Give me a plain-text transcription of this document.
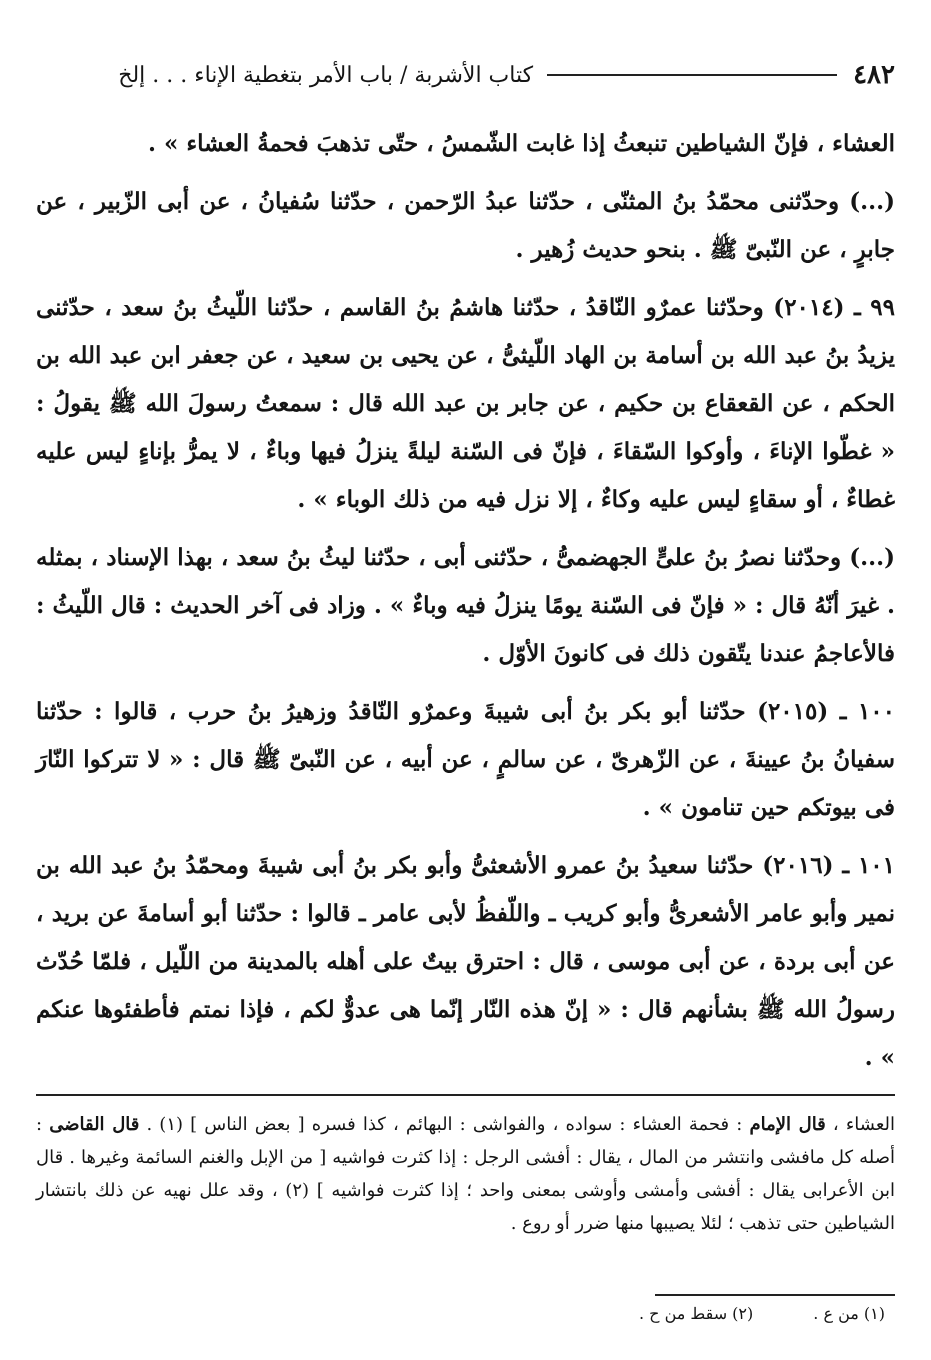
٤٨٢
كتاب الأشربة / باب الأمر بتغطية الإناء . . . إلخ

العشاء ، فإنّ الشياطين تنبعثُ إذا غابت الشّمسُ ، حتّى تذهبَ فحمةُ العشاء » .

(...) وحدّثنى محمّدُ بنُ المثنّى ، حدّثنا عبدُ الرّحمن ، حدّثنا سُفيانُ ، عن أبى الزّبير ، عن جابرٍ ، عن النّبىّ ﷺ . بنحو حديث زُهير .

٩٩ ـ (٢٠١٤) وحدّثنا عمرٌو النّاقدُ ، حدّثنا هاشمُ بنُ القاسم ، حدّثنا اللّيثُ بنُ سعد ، حدّثنى يزيدُ بنُ عبد الله بن أسامة بن الهاد اللّيثىُّ ، عن يحيى بن سعيد ، عن جعفر ابن عبد الله بن الحكم ، عن القعقاع بن حكيم ، عن جابر بن عبد الله قال : سمعتُ رسولَ الله ﷺ يقولُ : « غطّوا الإناءَ ، وأوكوا السّقاءَ ، فإنّ فى السّنة ليلةً ينزلُ فيها وباءٌ ، لا يمرُّ بإناءٍ ليس عليه غطاءٌ ، أو سقاءٍ ليس عليه وكاءٌ ، إلا نزل فيه من ذلك الوباء » .

(...) وحدّثنا نصرُ بنُ علىٍّ الجهضمىُّ ، حدّثنى أبى ، حدّثنا ليثُ بنُ سعد ، بهذا الإسناد ، بمثله . غيرَ أنّهُ قال : « فإنّ فى السّنة يومًا ينزلُ فيه وباءٌ » . وزاد فى آخر الحديث : قال اللّيثُ : فالأعاجمُ عندنا يتّقون ذلك فى كانونَ الأوّل .

١٠٠ ـ (٢٠١٥) حدّثنا أبو بكر بنُ أبى شيبةَ وعمرٌو النّاقدُ وزهيرُ بنُ حرب ، قالوا : حدّثنا سفيانُ بنُ عيينةَ ، عن الزّهرىّ ، عن سالمٍ ، عن أبيه ، عن النّبىّ ﷺ قال : « لا تتركوا النّارَ فى بيوتكم حين تنامون » .

١٠١ ـ (٢٠١٦) حدّثنا سعيدُ بنُ عمرو الأشعثىُّ وأبو بكر بنُ أبى شيبةَ ومحمّدُ بنُ عبد الله بن نمير وأبو عامر الأشعرىُّ وأبو كريب ـ واللّفظُ لأبى عامر ـ قالوا : حدّثنا أبو أسامةَ عن بريد ، عن أبى بردة ، عن أبى موسى ، قال : احترق بيتٌ على أهله بالمدينة من اللّيل ، فلمّا حُدّث رسولُ الله ﷺ بشأنهم قال : « إنّ هذه النّار إنّما هى عدوٌّ لكم ، فإذا نمتم فأطفئوها عنكم » .

العشاء ، قال الإمام : فحمة العشاء : سواده ، والفواشى : البهائم ، كذا فسره [ بعض الناس ] (١) . قال القاضى : أصله كل مافشى وانتشر من المال ، يقال : أفشى الرجل : إذا كثرت فواشيه [ من الإبل والغنم السائمة وغيرها . قال ابن الأعرابى يقال : أفشى وأمشى وأوشى بمعنى واحد ؛ إذا كثرت فواشيه ] (٢) ، وقد علل نهيه عن ذلك بانتشار الشياطين حتى تذهب ؛ لئلا يصيبها منها ضرر أو روع .

(١) من ع .
(٢) سقط من ح .
